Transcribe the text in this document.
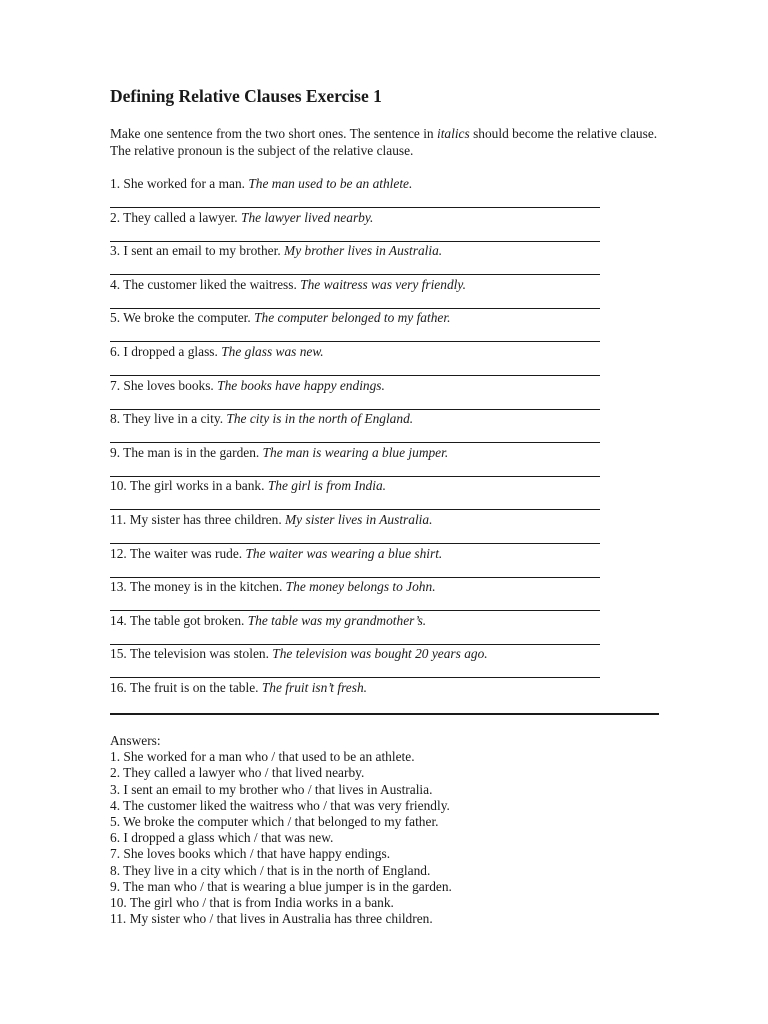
Defining Relative Clauses Exercise 1
Make one sentence from the two short ones. The sentence in italics should become the relative clause. The relative pronoun is the subject of the relative clause.
1. She worked for a man. The man used to be an athlete.
2. They called a lawyer. The lawyer lived nearby.
3. I sent an email to my brother. My brother lives in Australia.
4. The customer liked the waitress. The waitress was very friendly.
5. We broke the computer. The computer belonged to my father.
6. I dropped a glass. The glass was new.
7. She loves books. The books have happy endings.
8. They live in a city. The city is in the north of England.
9. The man is in the garden. The man is wearing a blue jumper.
10. The girl works in a bank. The girl is from India.
11. My sister has three children. My sister lives in Australia.
12. The waiter was rude. The waiter was wearing a blue shirt.
13. The money is in the kitchen. The money belongs to John.
14. The table got broken. The table was my grandmother’s.
15. The television was stolen. The television was bought 20 years ago.
16. The fruit is on the table. The fruit isn’t fresh.
Answers:
1. She worked for a man who / that used to be an athlete.
2. They called a lawyer who / that lived nearby.
3. I sent an email to my brother who / that lives in Australia.
4. The customer liked the waitress who / that was very friendly.
5. We broke the computer which / that belonged to my father.
6. I dropped a glass which / that was new.
7. She loves books which / that have happy endings.
8. They live in a city which / that is in the north of England.
9. The man who / that is wearing a blue jumper is in the garden.
10. The girl who / that is from India works in a bank.
11. My sister who / that lives in Australia has three children.
